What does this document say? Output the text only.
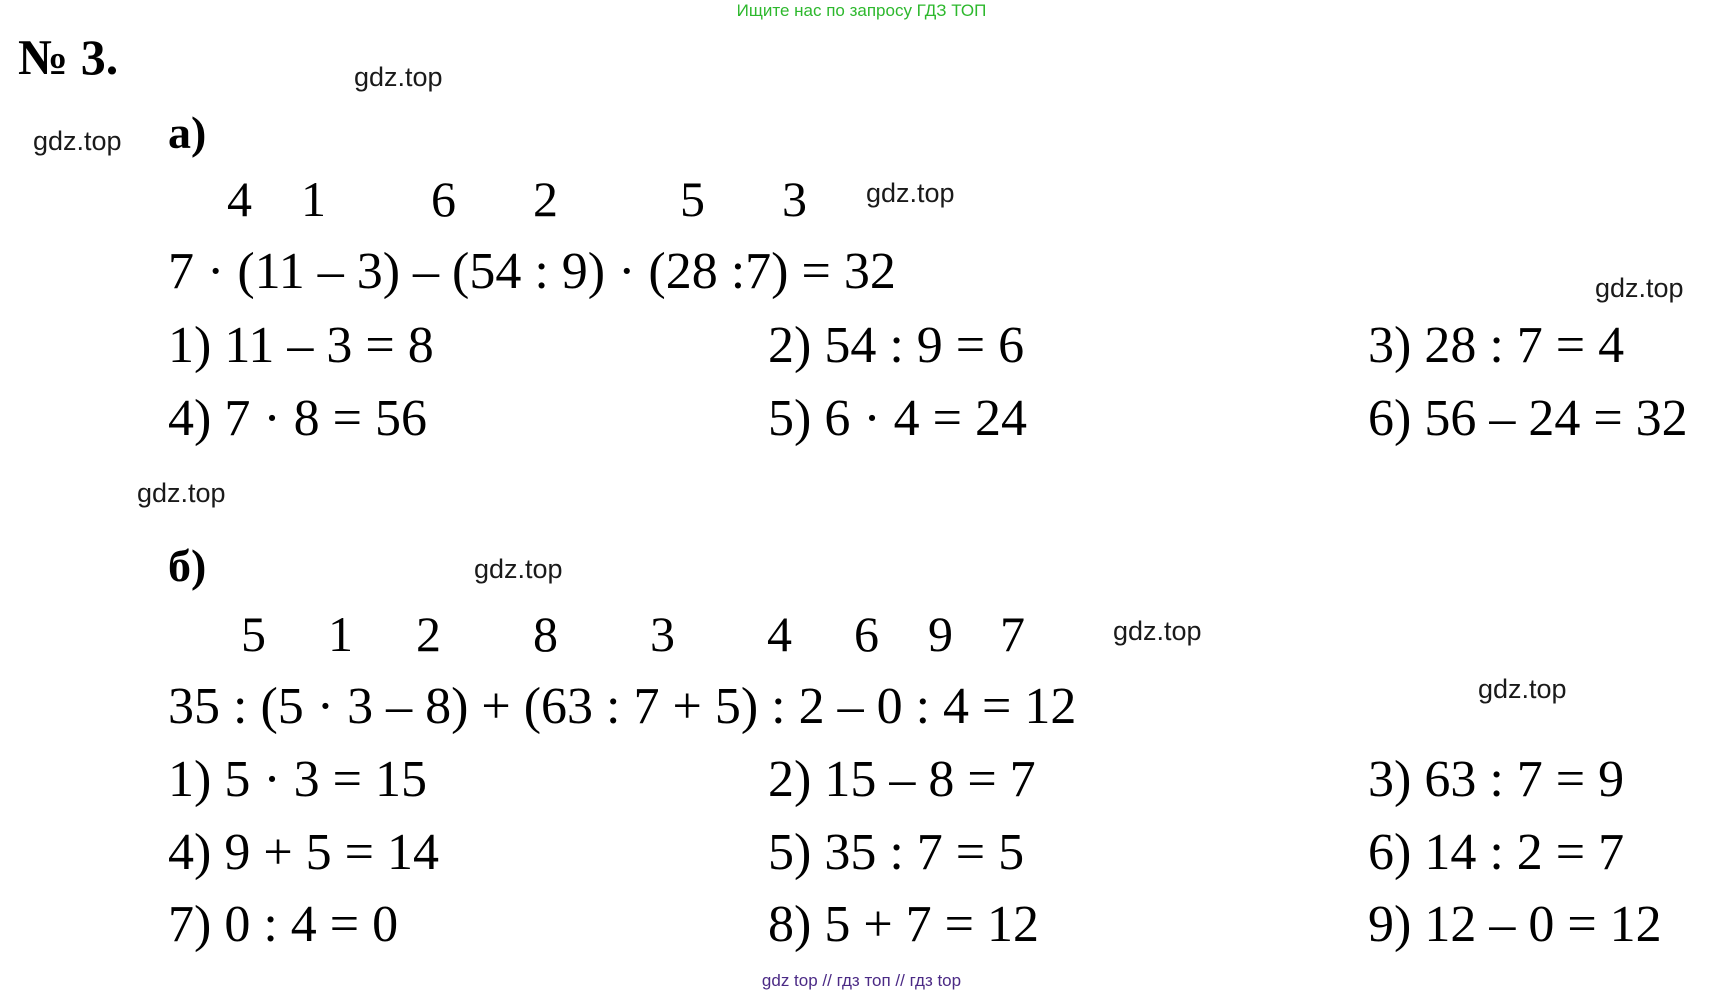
Ищите нас по запросу ГДЗ ТОП
№ 3.	gdz.top
gdz.top
gdz.top
gdz.top
gdz.top
gdz.top
gdz.top
gdz.top
а)
4 1 6 2 5 3
7 · (11 – 3) – (54 : 9) · (28 :7) = 32
1) 11 – 3 = 8	2) 54 : 9 = 6	3) 28 : 7 = 4
4) 7 · 8 = 56	5) 6 · 4 = 24	6) 56 – 24 = 32
б)
5 1 2 8 3 4 6 9 7
35 : (5 · 3 – 8) + (63 : 7 + 5) : 2 – 0 : 4 = 12
1) 5 · 3 = 15	2) 15 – 8 = 7	3) 63 : 7 = 9
4) 9 + 5 = 14	5) 35 : 7 = 5	6) 14 : 2 = 7
7) 0 : 4 = 0	8) 5 + 7 = 12	9) 12 – 0 = 12
gdz top // гдз топ // гдз top
